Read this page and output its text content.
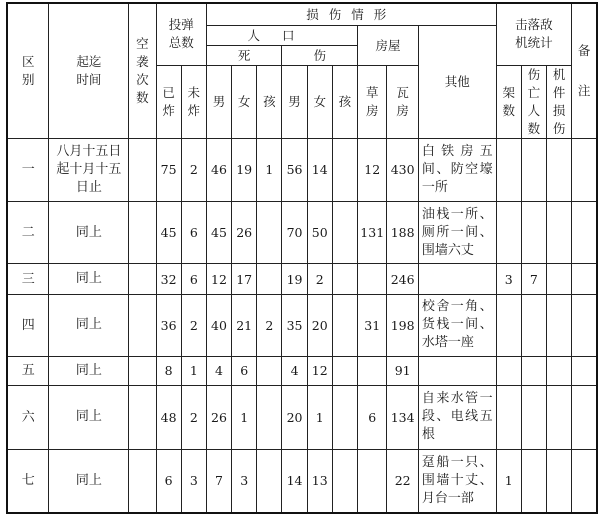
区别	起迄时间	空袭次数	投弹总数		损伤情形									击落敌机统计			备注

					人口						房屋		其他				
					死			伤									

			已炸	未炸	男	女	孩	男	女	孩	草房	瓦房		架数	伤亡人数	机件损伤	

一	八月十五日起十月十五日止		75	2	46	19	1	56	14		12	430	白铁房五间、防空壕一所				
二	同上		45	6	45	26		70	50		131	188	油栈一所、厕所一间、围墙六丈				
三	同上		32	6	12	17		19	2			246		3	7		
四	同上		36	2	40	21	2	35	20		31	198	校舍一角、货栈一间、水塔一座				
五	同上		8	1	4	6		4	12			91					
六	同上		48	2	26	1		20	1		6	134	自来水管一段、电线五根				
七	同上		6	3	7	3		14	13			22	趸船一只、围墙十丈、月台一部	1			
